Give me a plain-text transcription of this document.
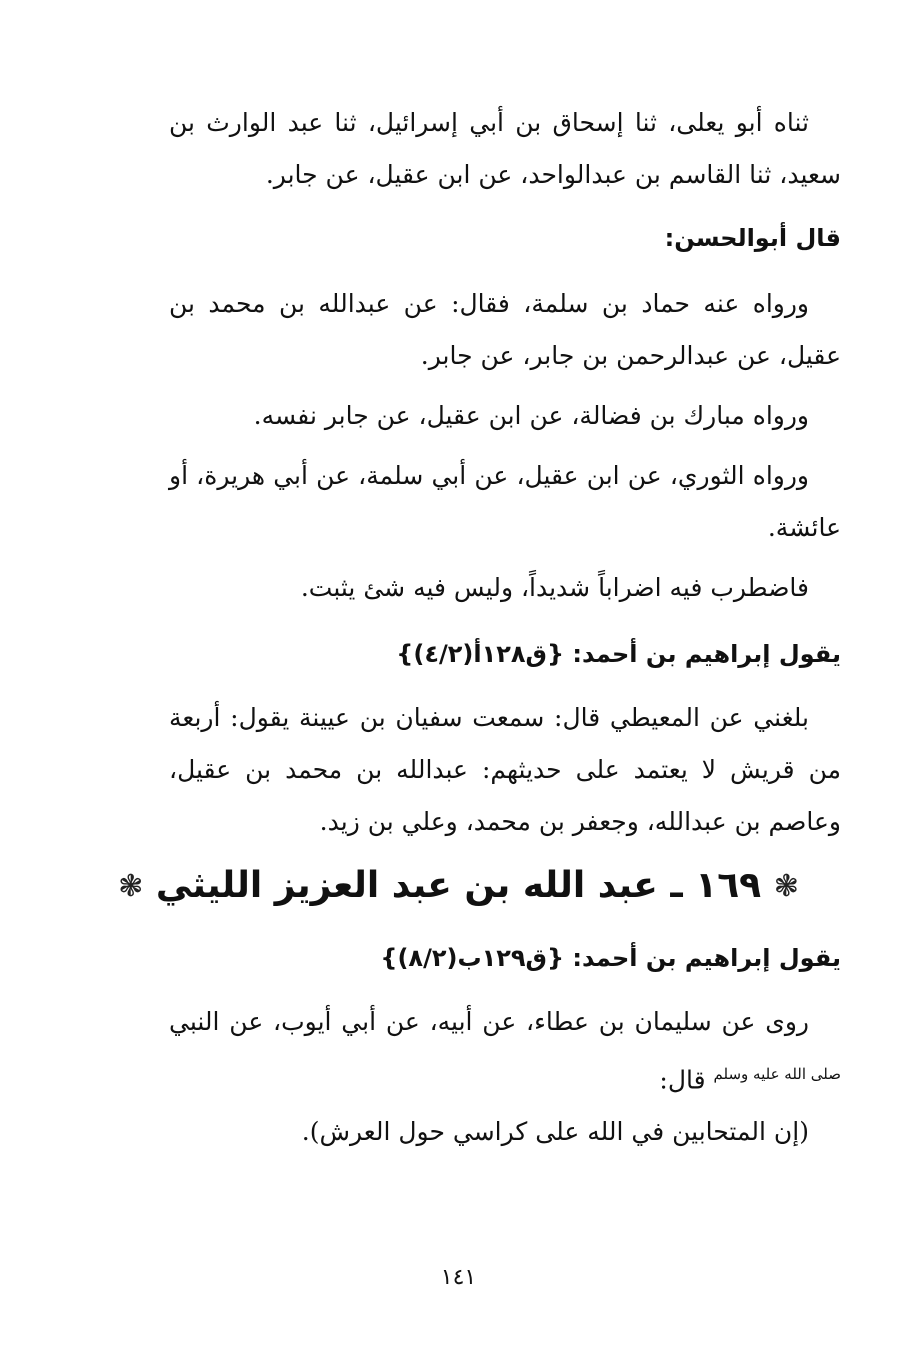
ثناه أبو يعلى، ثنا إسحاق بن أبي إسرائيل، ثنا عبد الوارث بن سعيد، ثنا القاسم بن عبدالواحد، عن ابن عقيل، عن جابر.

قال أبوالحسن:

ورواه عنه حماد بن سلمة، فقال: عن عبدالله بن محمد بن عقيل، عن عبدالرحمن بن جابر، عن جابر.

ورواه مبارك بن فضالة، عن ابن عقيل، عن جابر نفسه.

ورواه الثوري، عن ابن عقيل، عن أبي سلمة، عن أبي هريرة، أو عائشة.

فاضطرب فيه اضراباً شديداً، وليس فيه شئ يثبت.

يقول إبراهيم بن أحمد: {ق١٢٨أ(٤/٢)}

بلغني عن المعيطي قال: سمعت سفيان بن عيينة يقول: أربعة من قريش لا يعتمد على حديثهم: عبدالله بن محمد بن عقيل، وعاصم بن عبدالله، وجعفر بن محمد، وعلي بن زيد.

❃ ١٦٩ ـ عبد الله بن عبد العزيز الليثي ❃

يقول إبراهيم بن أحمد: {ق١٢٩ب(٨/٢)}

روى عن سليمان بن عطاء، عن أبيه، عن أبي أيوب، عن النبي $^{صلى الله عليه وسلم}$ قال:

(إن المتحابين في الله على كراسي حول العرش).

١٤١
